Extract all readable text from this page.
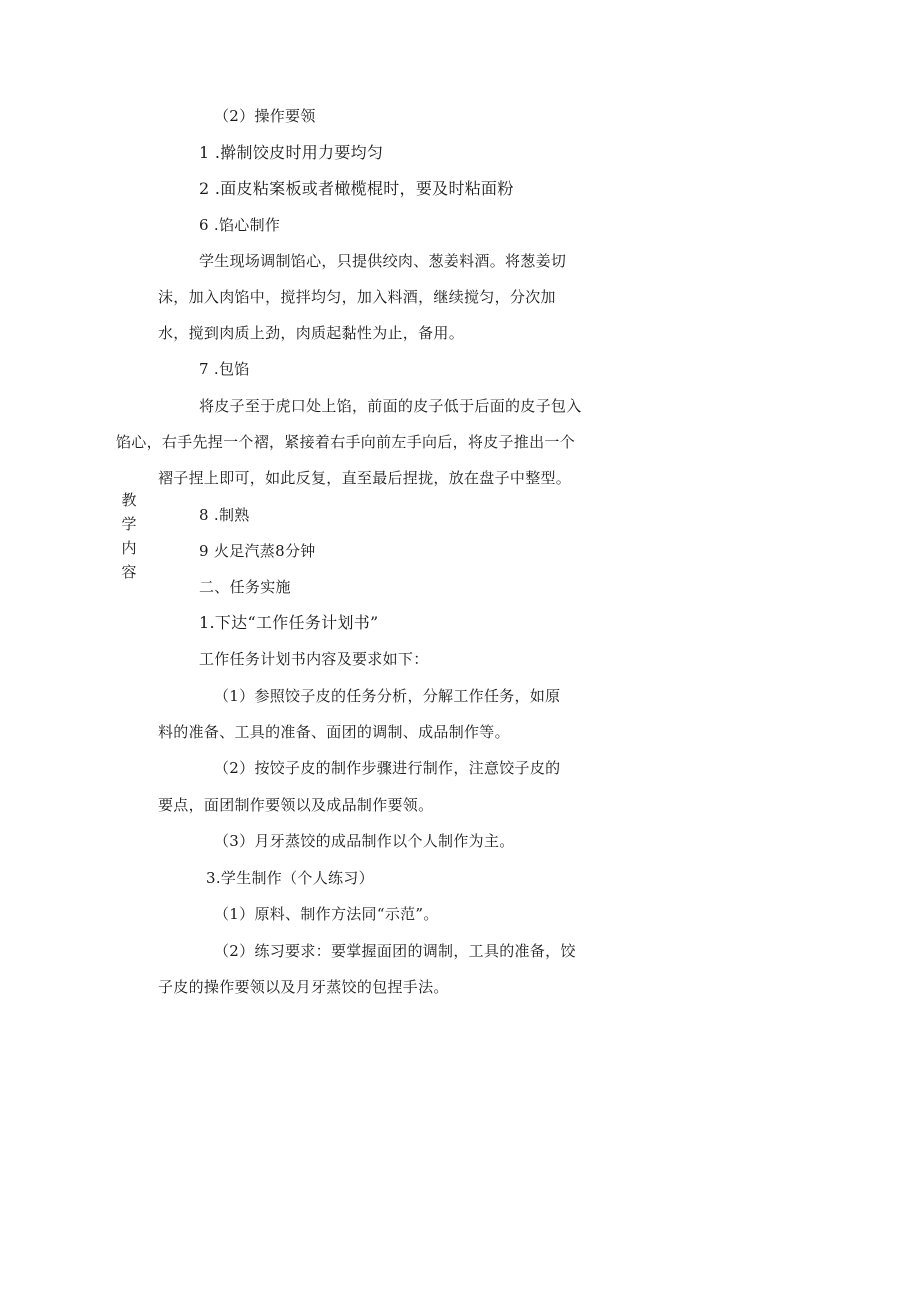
教
学
内
容
（2）操作要领
1 .擀制饺皮时用力要均匀
2 .面皮粘案板或者橄榄棍时，要及时粘面粉
6 .馅心制作
学生现场调制馅心，只提供绞肉、葱姜料酒。将葱姜切
沫，加入肉馅中，搅拌均匀，加入料酒，继续搅匀，分次加
水，搅到肉质上劲，肉质起黏性为止，备用。
7 .包馅
将皮子至于虎口处上馅，前面的皮子低于后面的皮子包入
馅心，右手先捏一个褶，紧接着右手向前左手向后，将皮子推出一个
褶子捏上即可，如此反复，直至最后捏拢，放在盘子中整型。
8 .制熟
9 火足汽蒸8分钟
二、任务实施
1.下达“工作任务计划书”
工作任务计划书内容及要求如下：
（1）参照饺子皮的任务分析，分解工作任务，如原
料的准备、工具的准备、面团的调制、成品制作等。
（2）按饺子皮的制作步骤进行制作，注意饺子皮的
要点，面团制作要领以及成品制作要领。
（3）月牙蒸饺的成品制作以个人制作为主。
3.学生制作（个人练习）
（1）原料、制作方法同“示范”。
（2）练习要求：要掌握面团的调制，工具的准备，饺
子皮的操作要领以及月牙蒸饺的包捏手法。
